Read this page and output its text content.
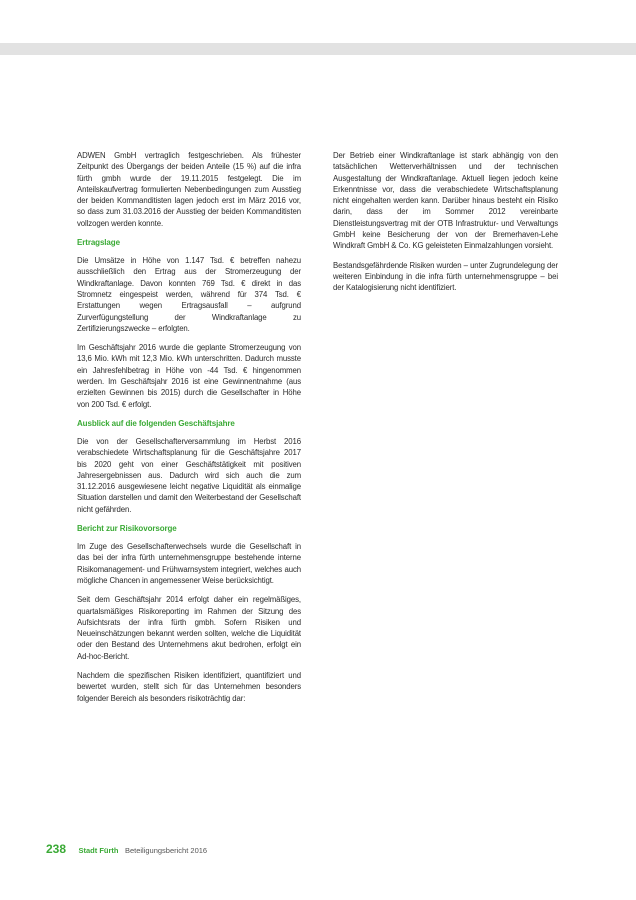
ADWEN GmbH vertraglich festgeschrieben. Als frühester Zeitpunkt des Übergangs der beiden Anteile (15 %) auf die infra fürth gmbh wurde der 19.11.2015 festgelegt. Die im Anteilskaufvertrag formulierten Nebenbedingungen zum Ausstieg der beiden Kommanditisten lagen jedoch erst im März 2016 vor, so dass zum 31.03.2016 der Ausstieg der beiden Kommanditisten vollzogen werden konnte.

Ertragslage

Die Umsätze in Höhe von 1.147 Tsd. € betreffen nahezu ausschließlich den Ertrag aus der Stromerzeugung der Windkraftanlage. Davon konnten 769 Tsd. € direkt in das Stromnetz eingespeist werden, während für 374 Tsd. € Erstattungen wegen Ertragsausfall – aufgrund Zurverfügungstellung der Windkraftanlage zu Zertifizierungszwecke – erfolgten.

Im Geschäftsjahr 2016 wurde die geplante Stromerzeugung von 13,6 Mio. kWh mit 12,3 Mio. kWh unterschritten. Dadurch musste ein Jahresfehlbetrag in Höhe von -44 Tsd. € hingenommen werden. Im Geschäftsjahr 2016 ist eine Gewinnentnahme (aus erzielten Gewinnen bis 2015) durch die Gesellschafter in Höhe von 200 Tsd. € erfolgt.

Ausblick auf die folgenden Geschäftsjahre

Die von der Gesellschafterversammlung im Herbst 2016 verabschiedete Wirtschaftsplanung für die Geschäftsjahre 2017 bis 2020 geht von einer Geschäftstätigkeit mit positiven Jahresergebnissen aus. Dadurch wird sich auch die zum 31.12.2016 ausgewiesene leicht negative Liquidität als einmalige Situation darstellen und damit den Weiterbestand der Gesellschaft nicht gefährden.

Bericht zur Risikovorsorge

Im Zuge des Gesellschafterwechsels wurde die Gesellschaft in das bei der infra fürth unternehmensgruppe bestehende interne Risikomanagement- und Frühwarnsystem integriert, welches auch mögliche Chancen in angemessener Weise berücksichtigt.

Seit dem Geschäftsjahr 2014 erfolgt daher ein regelmäßiges, quartalsmäßiges Risikoreporting im Rahmen der Sitzung des Aufsichtsrats der infra fürth gmbh. Sofern Risiken und Neueinschätzungen bekannt werden sollten, welche die Liquidität oder den Bestand des Unternehmens akut bedrohen, erfolgt ein Ad-hoc-Bericht.

Nachdem die spezifischen Risiken identifiziert, quantifiziert und bewertet wurden, stellt sich für das Unternehmen besonders folgender Bereich als besonders risikoträchtig dar:

Der Betrieb einer Windkraftanlage ist stark abhängig von den tatsächlichen Wetterverhältnissen und der technischen Ausgestaltung der Windkraftanlage. Aktuell liegen jedoch keine Erkenntnisse vor, dass die verabschiedete Wirtschaftsplanung nicht eingehalten werden kann. Darüber hinaus besteht ein Risiko darin, dass der im Sommer 2012 vereinbarte Dienstleistungsvertrag mit der OTB Infrastruktur- und Verwaltungs GmbH keine Besicherung der von der Bremerhaven-Lehe Windkraft GmbH & Co. KG geleisteten Einmalzahlungen vorsieht.

Bestandsgefährdende Risiken wurden – unter Zugrundelegung der weiteren Einbindung in die infra fürth unternehmensgruppe – bei der Katalogisierung nicht identifiziert.

238 Stadt Fürth Beteiligungsbericht 2016
